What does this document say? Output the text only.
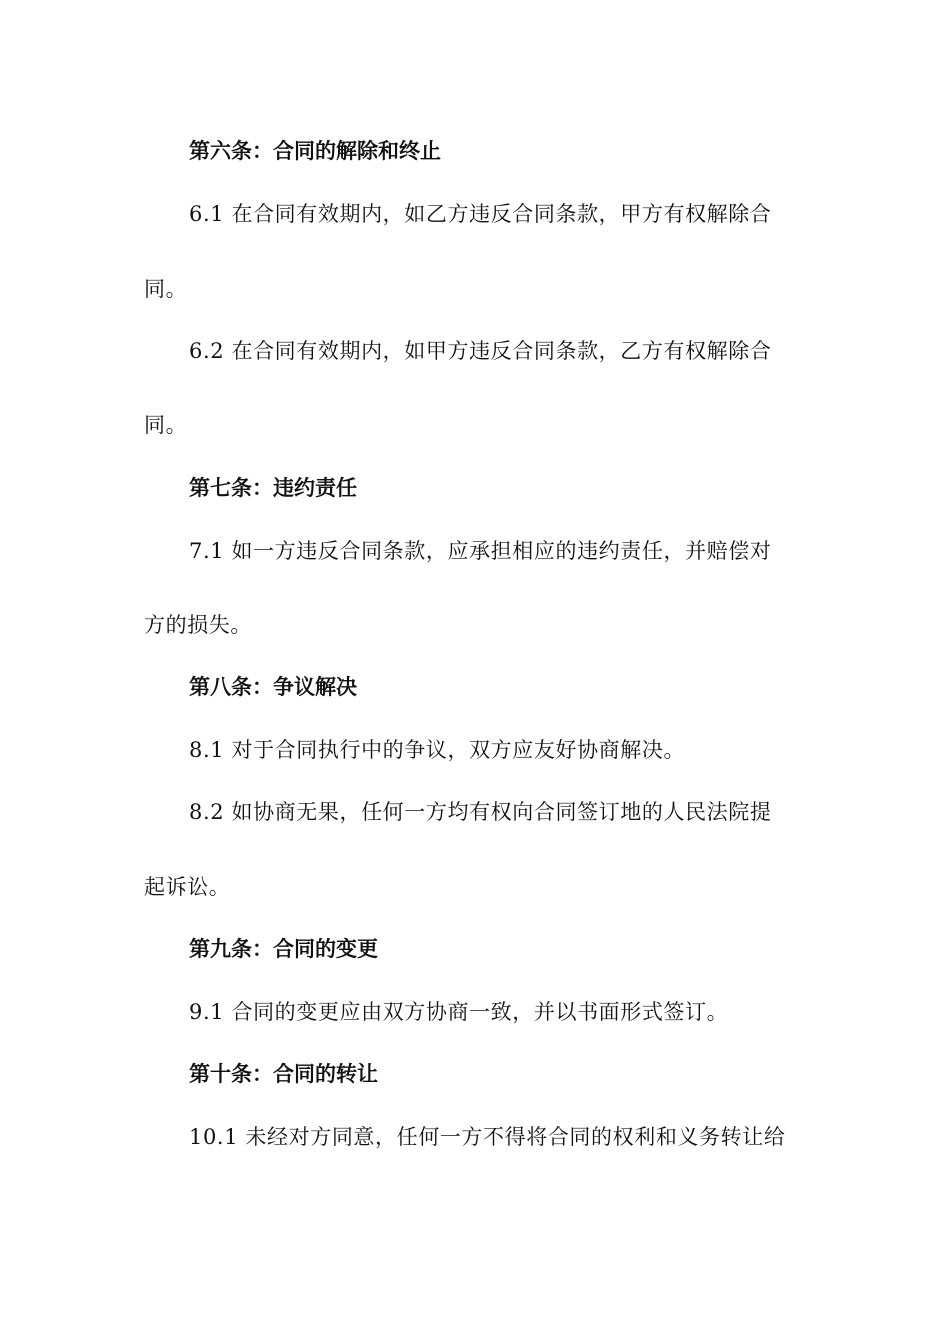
第六条：合同的解除和终止
6.1 在合同有效期内，如乙方违反合同条款，甲方有权解除合
同。
6.2 在合同有效期内，如甲方违反合同条款，乙方有权解除合
同。
第七条：违约责任
7.1 如一方违反合同条款，应承担相应的违约责任，并赔偿对
方的损失。
第八条：争议解决
8.1 对于合同执行中的争议，双方应友好协商解决。
8.2 如协商无果，任何一方均有权向合同签订地的人民法院提
起诉讼。
第九条：合同的变更
9.1 合同的变更应由双方协商一致，并以书面形式签订。
第十条：合同的转让
10.1 未经对方同意，任何一方不得将合同的权利和义务转让给
